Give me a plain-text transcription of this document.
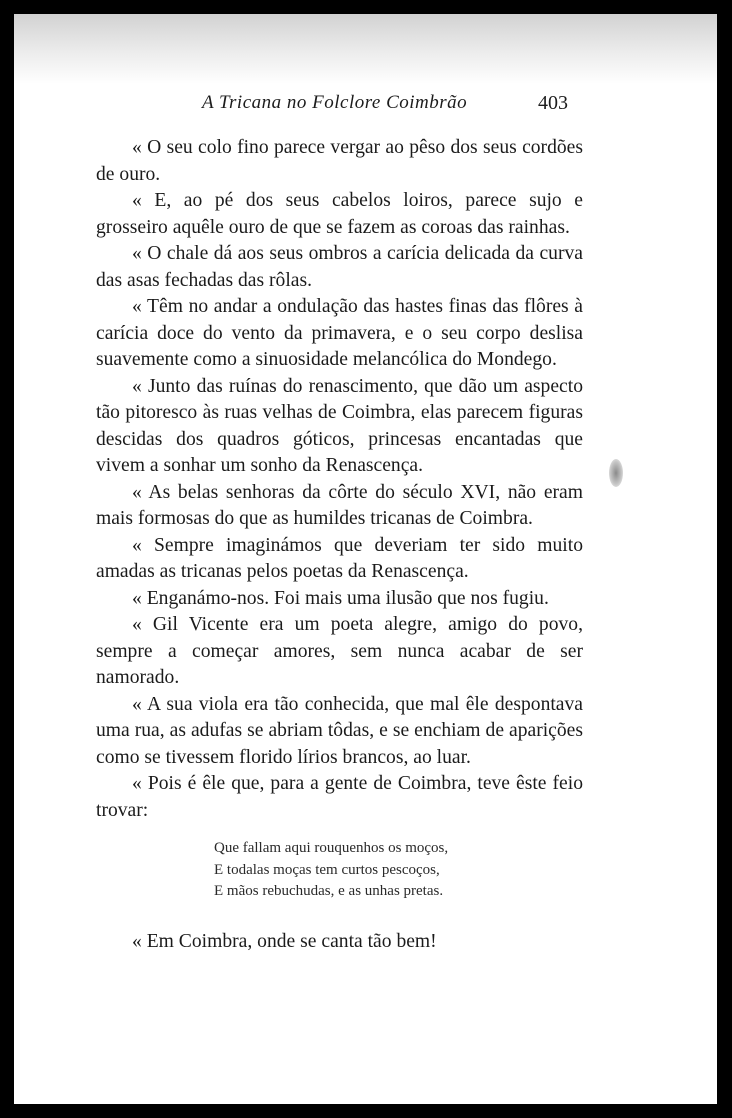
A Tricana no Folclore Coimbrão	403

« O seu colo fino parece vergar ao pêso dos seus cordões de ouro.

« E, ao pé dos seus cabelos loiros, parece sujo e grosseiro aquêle ouro de que se fazem as coroas das rainhas.

« O chale dá aos seus ombros a carícia delicada da curva das asas fechadas das rôlas.

« Têm no andar a ondulação das hastes finas das flôres à carícia doce do vento da primavera, e o seu corpo deslisa suavemente como a sinuosidade melancólica do Mondego.

« Junto das ruínas do renascimento, que dão um aspecto tão pitoresco às ruas velhas de Coimbra, elas parecem figuras descidas dos quadros góticos, princesas encantadas que vivem a sonhar um sonho da Renascença.

« As belas senhoras da côrte do século XVI, não eram mais formosas do que as humildes tricanas de Coimbra.

« Sempre imaginámos que deveriam ter sido muito amadas as tricanas pelos poetas da Renascença.

« Enganámo-nos. Foi mais uma ilusão que nos fugiu.

« Gil Vicente era um poeta alegre, amigo do povo, sempre a começar amores, sem nunca acabar de ser namorado.

« A sua viola era tão conhecida, que mal êle despontava uma rua, as adufas se abriam tôdas, e se enchiam de aparições como se tivessem florido lírios brancos, ao luar.

« Pois é êle que, para a gente de Coimbra, teve êste feio trovar:

Que fallam aqui rouquenhos os moços,
E todalas moças tem curtos pescoços,
E mãos rebuchudas, e as unhas pretas.

« Em Coimbra, onde se canta tão bem!
